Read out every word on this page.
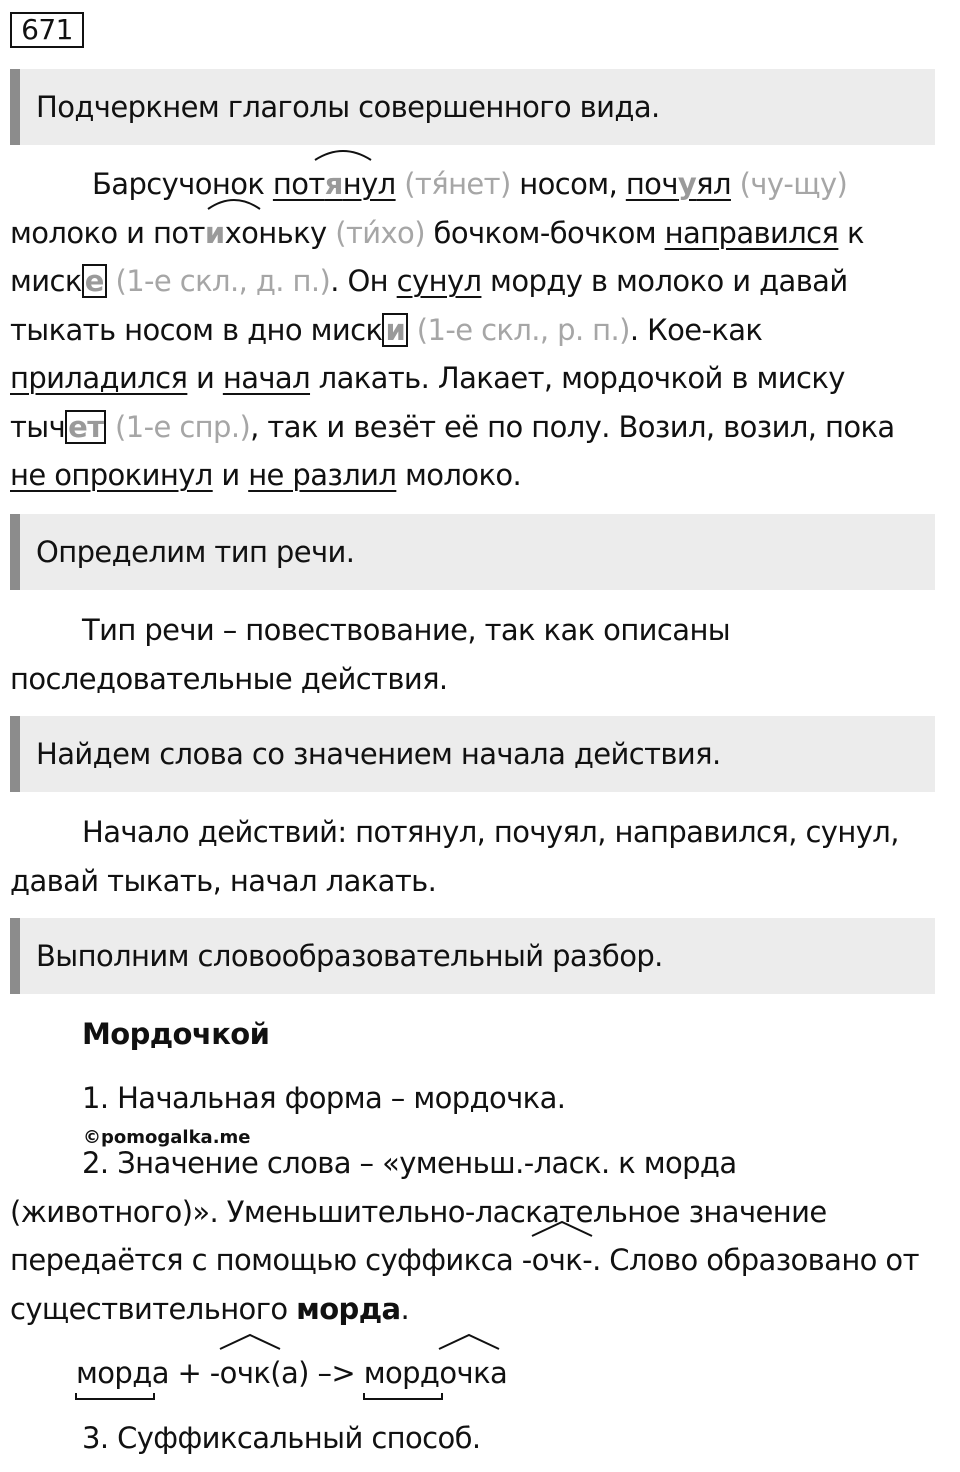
671
Подчеркнем глаголы совершенного вида.
Барсучонок потянул
(тя́нет) носом, почуял (чу-щу)
молоко и потихоньку
(ти́хо) бочком-бочком направился к
миск е (1-е скл., д. п.). Он сунул морду в молоко и давай
тыкать носом в дно миск и (1-е скл., р. п.). Кое-как
приладился и начал лакать. Лакает, мордочкой в миску
тыч ет (1-е спр.), так и везёт её по полу. Возил, возил, пока
не опрокинул и не разлил молоко.
Определим тип речи.
Тип речи – повествование, так как описаны
последовательные действия.
Найдем слова со значением начала действия.
Начало действий: потянул, почуял, направился, сунул,
давай тыкать, начал лакать.
Выполним словообразовательный разбор.
Мордочкой
1. Начальная форма – мордочка.
©pomogalka.me
2. Значение слова – «уменьш.-ласк. к морда
(животного)». Уменьшительно-ласкательное значение
передаётся с помощью суффикса -очк
-. Слово образовано от
существительного морда.
морд
а + -очк
(а) –> морд
очк
а
3. Суффиксальный способ.
